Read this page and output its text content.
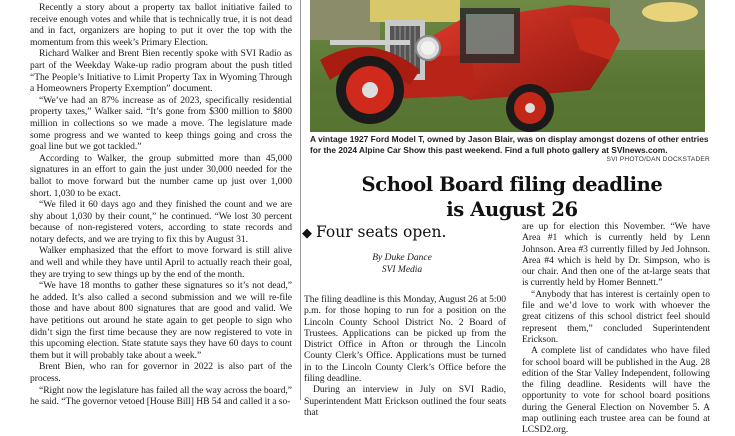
Recently a story about a property tax ballot initiative failed to receive enough votes and while that is technically true, it is not dead and in fact, organizers are hoping to put it over the top with the momentum from this week’s Primary Election.

Richard Walker and Brent Bien recently spoke with SVI Radio as part of the Weekday Wake-up radio program about the push titled “The People’s Initiative to Limit Property Tax in Wyoming Through a Homeowners Property Exemption” document.

“We’ve had an 87% increase as of 2023, specifically residential property taxes,” Walker said. “It’s gone from $300 million to $800 million in collections so we made a move. The legislature made some progress and we wanted to keep things going and cross the goal line but we got tackled.”

According to Walker, the group submitted more than 45,000 signatures in an effort to gain the just under 30,000 needed for the ballot to move forward but the number came up just over 1,000 short. 1,030 to be exact.

“We filed it 60 days ago and they finished the count and we are shy about 1,030 by their count,” he continued. “We lost 30 percent because of non-registered voters, according to state records and notary defects, and we are trying to fix this by August 31.

Walker emphasized that the effort to move forward is still alive and well and while they have until April to actually reach their goal, they are trying to sew things up by the end of the month.

“We have 18 months to gather these signatures so it’s not dead,” he added. It’s also called a second submission and we will re-file those and have about 800 signatures that are good and valid. We have petitions out around he state again to get people to sign who didn’t sign the first time because they are now registered to vote in this upcoming election. State statute says they have 60 days to count them but it will probably take about a week.”

Brent Bien, who ran for governor in 2022 is also part of the process.

“Right now the legislature has failed all the way across the board,” he said. “The governor vetoed [House Bill] HB 54 and called it a so-

A vintage 1927 Ford Model T, owned by Jason Blair, was on display amongst dozens of other entries for the 2024 Alpine Car Show this past weekend. Find a full photo gallery at SVInews.com.
SVI PHOTO/DAN DOCKSTADER
School Board filing deadline
is August 26
◆ Four seats open.
By Duke Dance
SVI Media

The filing deadline is this Monday, August 26 at 5:00 p.m. for those hoping to run for a position on the Lincoln County School District No. 2 Board of Trustees. Applications can be picked up from the District Office in Afton or through the Lincoln County Clerk’s Office. Applications must be turned in to the Lincoln County Clerk’s Office before the filing deadline.

During an interview in July on SVI Radio, Superintendent Matt Erickson outlined the four seats that

are up for election this November. “We have Area #1 which is currently held by Lenn Johnson. Area #3 currently filled by Jed Johnson. Area #4 which is held by Dr. Simpson, who is our chair. And then one of the at-large seats that is currently held by Homer Bennett.”

“Anybody that has interest is certainly open to file and we’d love to work with whoever the great citizens of this school district feel should represent them,” concluded Superintendent Erickson.

A complete list of candidates who have filed for school board will be published in the Aug. 28 edition of the Star Valley Independent, following the filing deadline. Residents will have the opportunity to vote for school board positions during the General Election on November 5. A map outlining each trustee area can be found at LCSD2.org.
